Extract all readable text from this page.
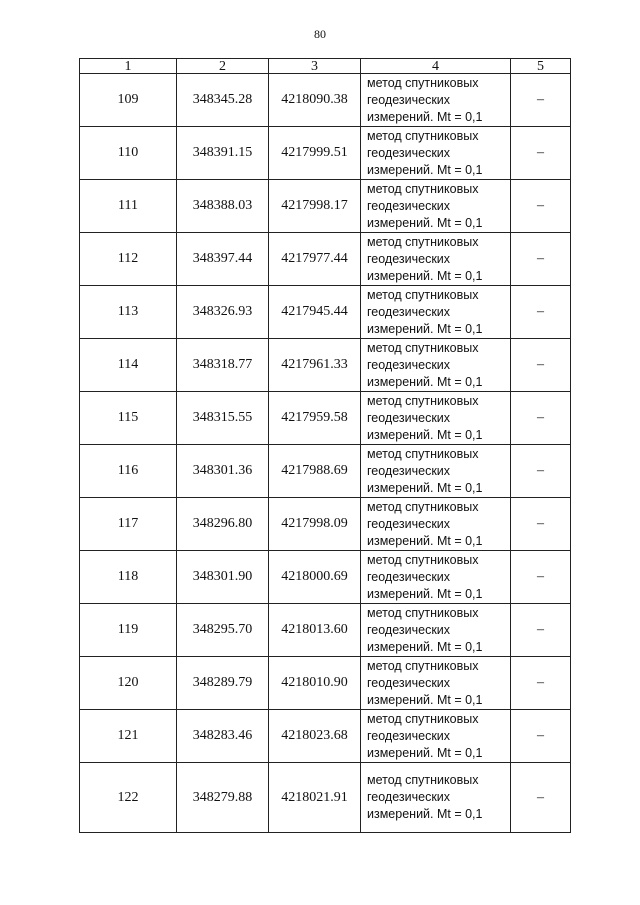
80
1	2	3	4	5
109	348345.28	4218090.38	метод спутниковых
геодезических
измерений. Mt = 0,1	–
110	348391.15	4217999.51	метод спутниковых
геодезических
измерений. Mt = 0,1	–
111	348388.03	4217998.17	метод спутниковых
геодезических
измерений. Mt = 0,1	–
112	348397.44	4217977.44	метод спутниковых
геодезических
измерений. Mt = 0,1	–
113	348326.93	4217945.44	метод спутниковых
геодезических
измерений. Mt = 0,1	–
114	348318.77	4217961.33	метод спутниковых
геодезических
измерений. Mt = 0,1	–
115	348315.55	4217959.58	метод спутниковых
геодезических
измерений. Mt = 0,1	–
116	348301.36	4217988.69	метод спутниковых
геодезических
измерений. Mt = 0,1	–
117	348296.80	4217998.09	метод спутниковых
геодезических
измерений. Mt = 0,1	–
118	348301.90	4218000.69	метод спутниковых
геодезических
измерений. Mt = 0,1	–
119	348295.70	4218013.60	метод спутниковых
геодезических
измерений. Mt = 0,1	–
120	348289.79	4218010.90	метод спутниковых
геодезических
измерений. Mt = 0,1	–
121	348283.46	4218023.68	метод спутниковых
геодезических
измерений. Mt = 0,1	–
122	348279.88	4218021.91	метод спутниковых
геодезических
измерений. Mt = 0,1	–
